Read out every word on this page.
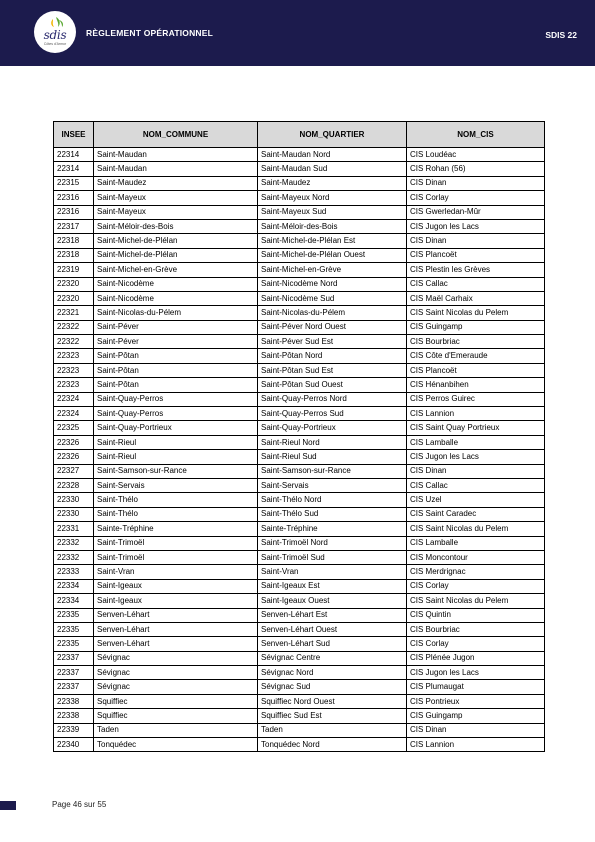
sdis
Côtes d'Armor
RÈGLEMENT OPÉRATIONNEL	SDIS 22
INSEE	NOM_COMMUNE	NOM_QUARTIER	NOM_CIS
22314	Saint-Maudan	Saint-Maudan Nord	CIS Loudéac
22314	Saint-Maudan	Saint-Maudan Sud	CIS Rohan (56)
22315	Saint-Maudez	Saint-Maudez	CIS Dinan
22316	Saint-Mayeux	Saint-Mayeux Nord	CIS Corlay
22316	Saint-Mayeux	Saint-Mayeux Sud	CIS Gwerledan-Mûr
22317	Saint-Méloir-des-Bois	Saint-Méloir-des-Bois	CIS Jugon les Lacs
22318	Saint-Michel-de-Plélan	Saint-Michel-de-Plélan Est	CIS Dinan
22318	Saint-Michel-de-Plélan	Saint-Michel-de-Plélan Ouest	CIS Plancoët
22319	Saint-Michel-en-Grève	Saint-Michel-en-Grève	CIS Plestin les Grèves
22320	Saint-Nicodème	Saint-Nicodème Nord	CIS Callac
22320	Saint-Nicodème	Saint-Nicodème Sud	CIS Maël Carhaix
22321	Saint-Nicolas-du-Pélem	Saint-Nicolas-du-Pélem	CIS Saint Nicolas du Pelem
22322	Saint-Péver	Saint-Péver Nord Ouest	CIS Guingamp
22322	Saint-Péver	Saint-Péver Sud Est	CIS Bourbriac
22323	Saint-Pôtan	Saint-Pôtan Nord	CIS Côte d'Emeraude
22323	Saint-Pôtan	Saint-Pôtan Sud Est	CIS Plancoët
22323	Saint-Pôtan	Saint-Pôtan Sud Ouest	CIS Hénanbihen
22324	Saint-Quay-Perros	Saint-Quay-Perros Nord	CIS Perros Guirec
22324	Saint-Quay-Perros	Saint-Quay-Perros Sud	CIS Lannion
22325	Saint-Quay-Portrieux	Saint-Quay-Portrieux	CIS Saint Quay Portrieux
22326	Saint-Rieul	Saint-Rieul Nord	CIS Lamballe
22326	Saint-Rieul	Saint-Rieul Sud	CIS Jugon les Lacs
22327	Saint-Samson-sur-Rance	Saint-Samson-sur-Rance	CIS Dinan
22328	Saint-Servais	Saint-Servais	CIS Callac
22330	Saint-Thélo	Saint-Thélo Nord	CIS Uzel
22330	Saint-Thélo	Saint-Thélo Sud	CIS Saint Caradec
22331	Sainte-Tréphine	Sainte-Tréphine	CIS Saint Nicolas du Pelem
22332	Saint-Trimoël	Saint-Trimoël Nord	CIS Lamballe
22332	Saint-Trimoël	Saint-Trimoël Sud	CIS Moncontour
22333	Saint-Vran	Saint-Vran	CIS Merdrignac
22334	Saint-Igeaux	Saint-Igeaux Est	CIS Corlay
22334	Saint-Igeaux	Saint-Igeaux Ouest	CIS Saint Nicolas du Pelem
22335	Senven-Léhart	Senven-Léhart Est	CIS Quintin
22335	Senven-Léhart	Senven-Léhart Ouest	CIS Bourbriac
22335	Senven-Léhart	Senven-Léhart Sud	CIS Corlay
22337	Sévignac	Sévignac Centre	CIS Plénée Jugon
22337	Sévignac	Sévignac Nord	CIS Jugon les Lacs
22337	Sévignac	Sévignac Sud	CIS Plumaugat
22338	Squiffiec	Squiffiec Nord Ouest	CIS Pontrieux
22338	Squiffiec	Squiffiec Sud Est	CIS Guingamp
22339	Taden	Taden	CIS Dinan
22340	Tonquédec	Tonquédec Nord	CIS Lannion
Page 46 sur 55
